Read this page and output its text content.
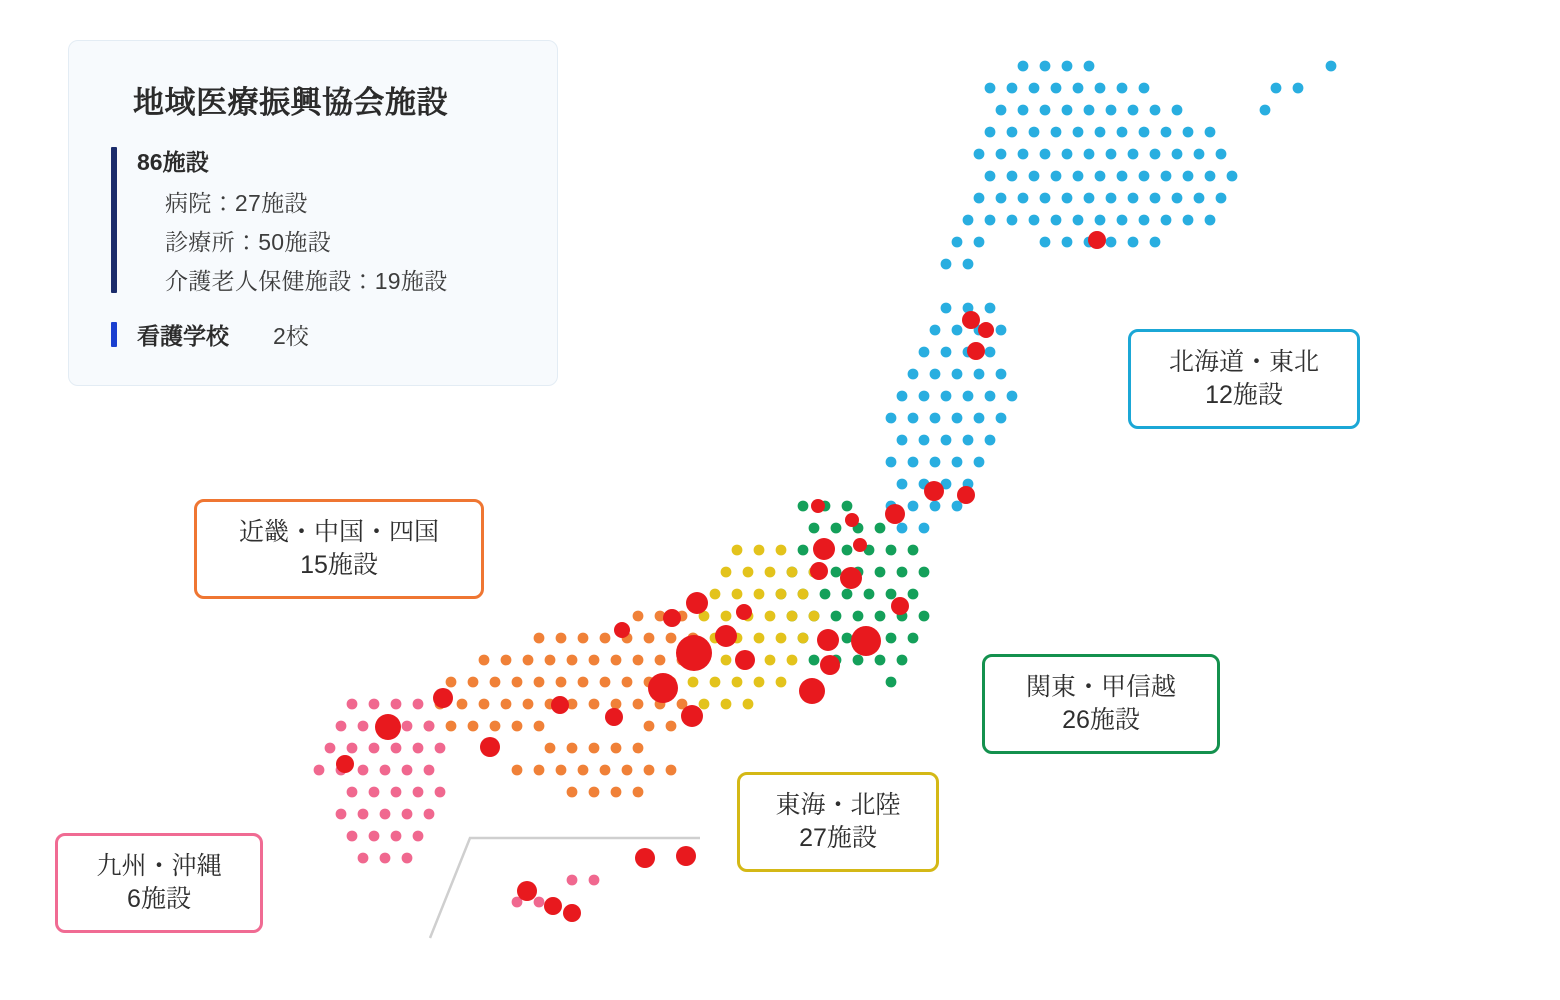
地域医療振興協会施設
86施設
病院：27施設
診療所：50施設
介護老人保健施設：19施設
看護学校 2校
北海道・東北
12施設
関東・甲信越
26施設
東海・北陸
27施設
近畿・中国・四国
15施設
九州・沖縄
6施設
